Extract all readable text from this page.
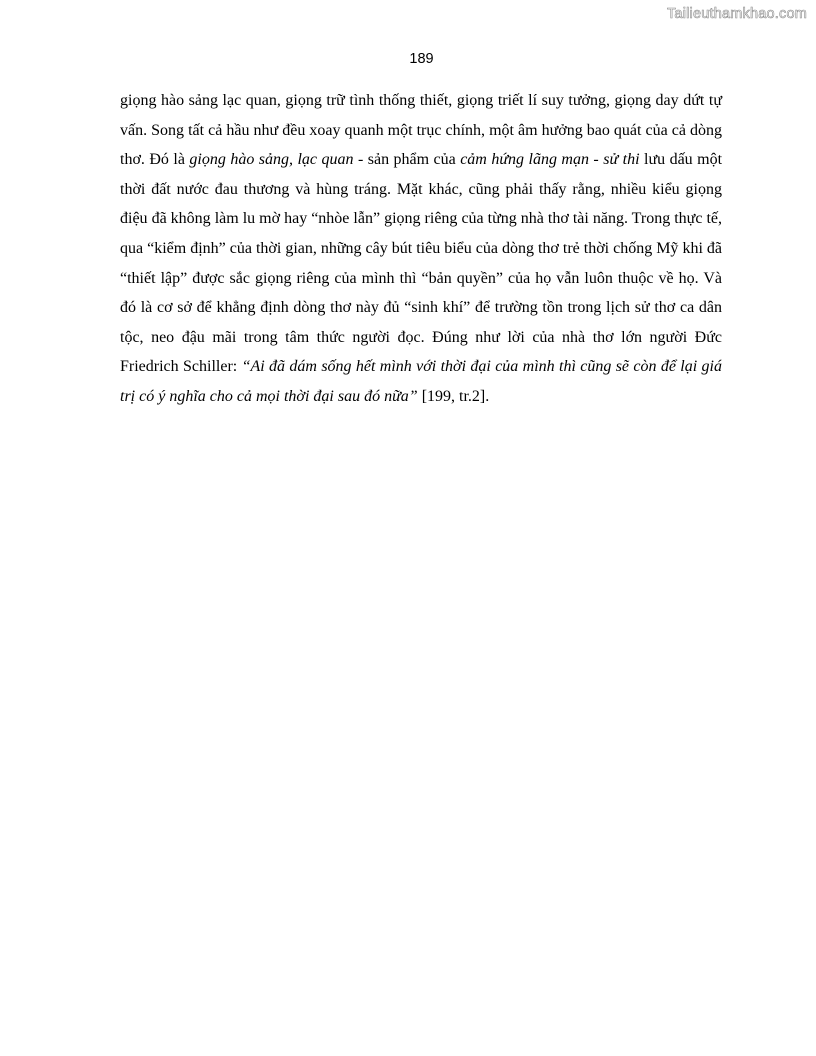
Tailieuthamkhao.com
189

giọng hào sảng lạc quan, giọng trữ tình thống thiết, giọng triết lí suy tưởng, giọng day dứt tự vấn. Song tất cả hầu như đều xoay quanh một trục chính, một âm hưởng bao quát của cả dòng thơ. Đó là giọng hào sảng, lạc quan - sản phẩm của cảm hứng lãng mạn - sử thi lưu dấu một thời đất nước đau thương và hùng tráng. Mặt khác, cũng phải thấy rằng, nhiều kiểu giọng điệu đã không làm lu mờ hay “nhòe lẫn” giọng riêng của từng nhà thơ tài năng. Trong thực tế, qua “kiểm định” của thời gian, những cây bút tiêu biểu của dòng thơ trẻ thời chống Mỹ khi đã “thiết lập” được sắc giọng riêng của mình thì “bản quyền” của họ vẫn luôn thuộc về họ. Và đó là cơ sở để khẳng định dòng thơ này đủ “sinh khí” để trường tồn trong lịch sử thơ ca dân tộc, neo đậu mãi trong tâm thức người đọc. Đúng như lời của nhà thơ lớn người Đức Friedrich Schiller: “Ai đã dám sống hết mình với thời đại của mình thì cũng sẽ còn để lại giá trị có ý nghĩa cho cả mọi thời đại sau đó nữa” [199, tr.2].
